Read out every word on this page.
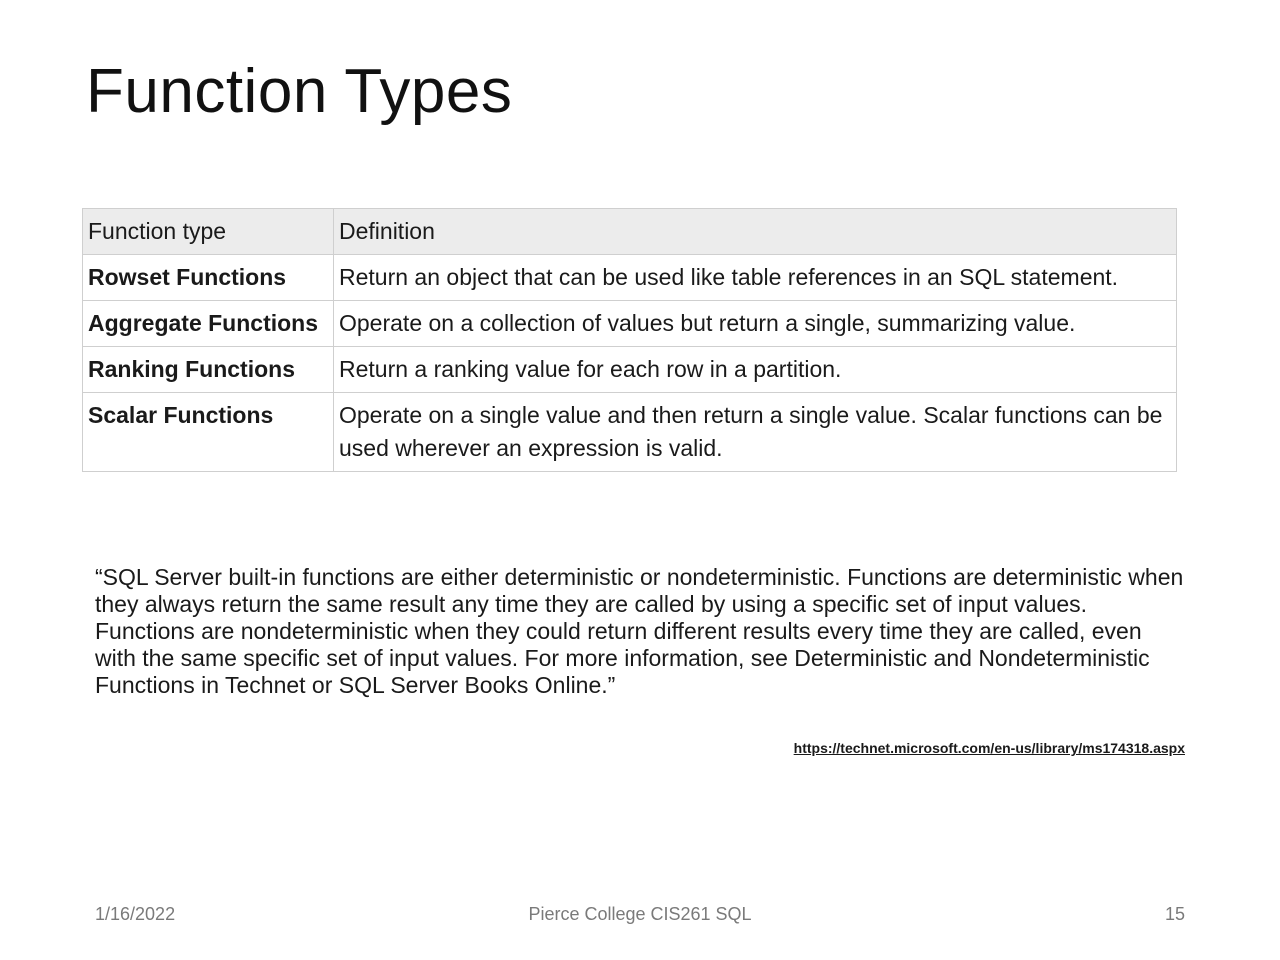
Function Types
Function type	Definition
Rowset Functions	Return an object that can be used like table references in an SQL statement.
Aggregate Functions	Operate on a collection of values but return a single, summarizing value.
Ranking Functions	Return a ranking value for each row in a partition.
Scalar Functions	Operate on a single value and then return a single value. Scalar functions can be used wherever an expression is valid.

“SQL Server built-in functions are either deterministic or nondeterministic. Functions are deterministic when they always return the same result any time they are called by using a specific set of input values. Functions are nondeterministic when they could return different results every time they are called, even with the same specific set of input values. For more information, see Deterministic and Nondeterministic Functions in Technet or SQL Server Books Online.”

https://technet.microsoft.com/en-us/library/ms174318.aspx
1/16/2022	Pierce College CIS261 SQL	15
